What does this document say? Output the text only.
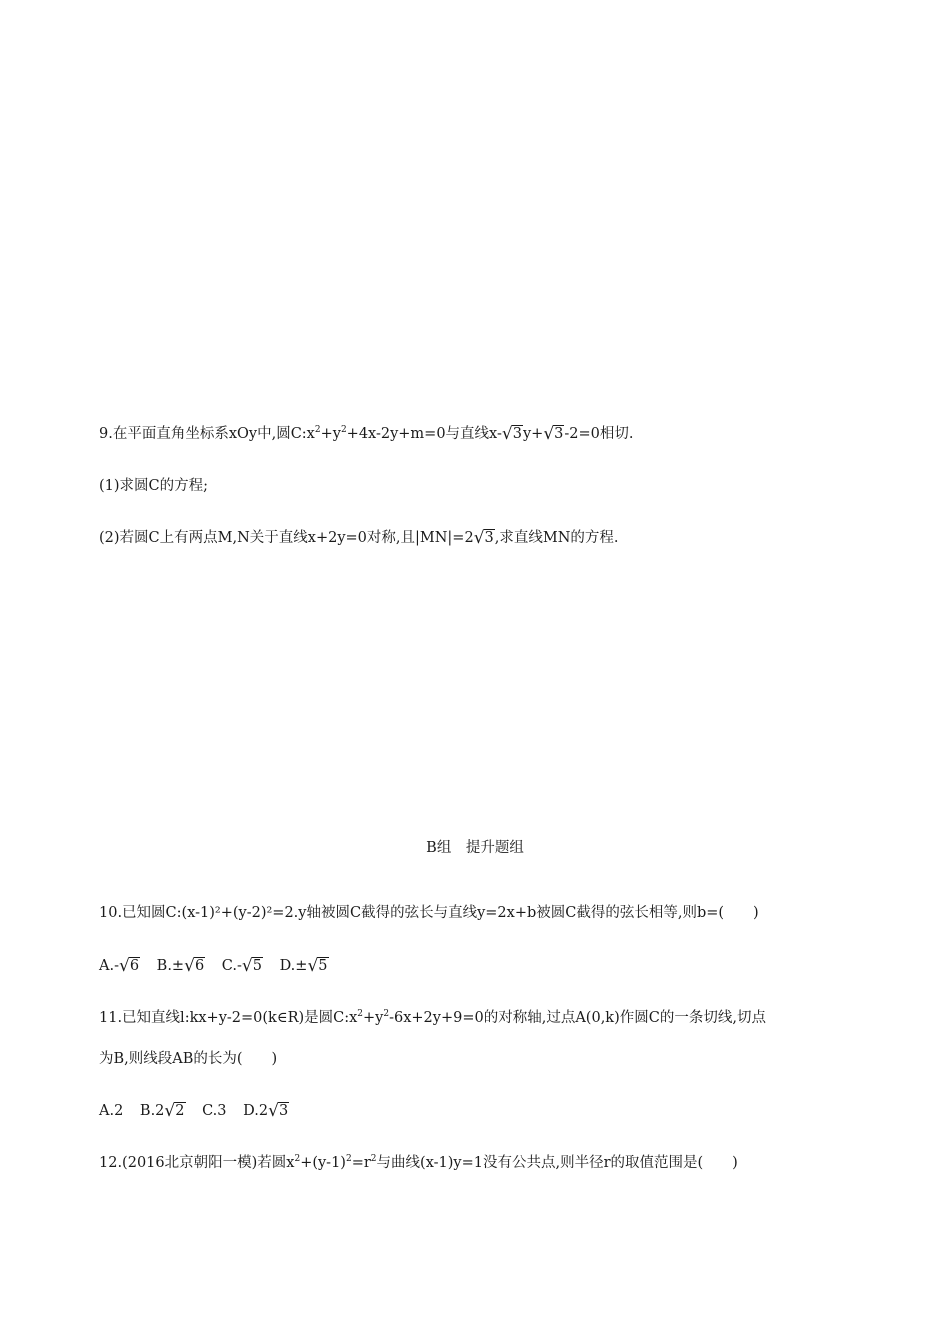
9.在平面直角坐标系xOy中,圆$C:x^2+y^2+4x-2y+m=0$与直线x-√3y+√3-2=0相切.
(1)求圆C的方程;
(2)若圆C上有两点M,N关于直线x+2y=0对称,且|MN|=2√3,求直线MN的方程.
B组　提升题组
10.已知圆C:(x-1)²+(y-2)²=2.y轴被圆C截得的弦长与直线y=2x+b被圆C截得的弦长相等,则b=(　　)
A.-√6 B.±√6 C.-√5 D.±√5
11.已知直线l:kx+y-2=0(k∈R)是圆$C:x^2+y^2-6x+2y+9=0$的对称轴,过点A(0,k)作圆C的一条切线,切点
为B,则线段AB的长为(　　)
A.2 B.2√2 C.3 D.2√3
12.(2016北京朝阳一模)若圆$x^2+(y-1)^2=r^2$与曲线(x-1)y=1没有公共点,则半径r的取值范围是(　　)
